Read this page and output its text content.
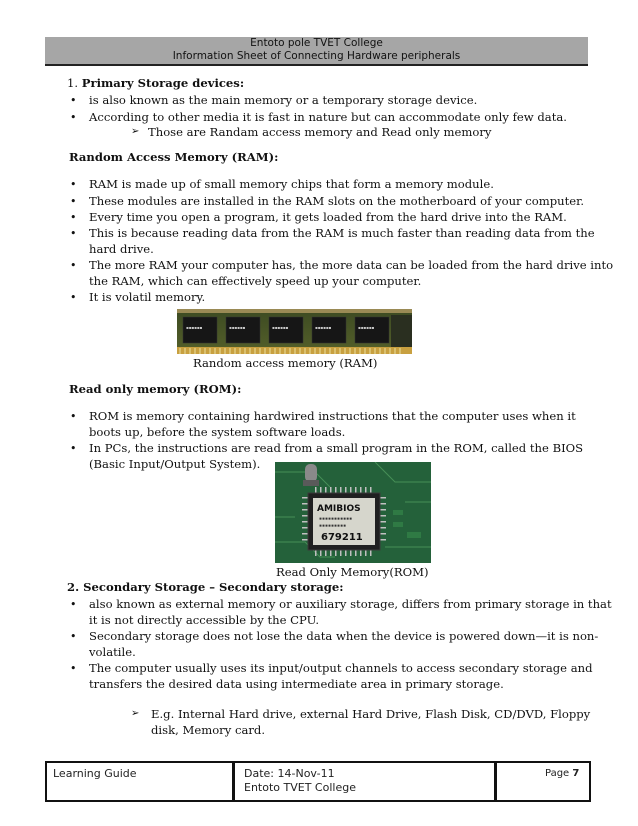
Entoto pole TVET College
Information Sheet of Connecting Hardware peripherals
1. Primary Storage devices:
• is also known as the main memory or a temporary storage device.
• According to other media it is fast in nature but can accommodate only few data.
➢ Those are Randam access memory and Read only memory
Random Access Memory (RAM):
• RAM is made up of small memory chips that form a memory module.
• These modules are installed in the RAM slots on the motherboard of your computer.
• Every time you open a program, it gets loaded from the hard drive into the RAM.
• This is because reading data from the RAM is much faster than reading data from the
hard drive.
• The more RAM your computer has, the more data can be loaded from the hard drive into
the RAM, which can effectively speed up your computer.
• It is volatil memory.
▪▪▪▪▪▪	▪▪▪▪▪▪	▪▪▪▪▪▪	▪▪▪▪▪▪	▪▪▪▪▪▪
Random access memory (RAM)
Read only memory (ROM):
• ROM is memory containing hardwired instructions that the computer uses when it
boots up, before the system software loads.
• In PCs, the instructions are read from a small program in the ROM, called the BIOS
(Basic Input/Output System).
AMIBIOS
▪▪▪▪▪▪▪▪▪▪▪
▪▪▪▪▪▪▪▪▪
679211
Read Only Memory(ROM)
2. Secondary Storage – Secondary storage:
• also known as external memory or auxiliary storage, differs from primary storage in that
it is not directly accessible by the CPU.
• Secondary storage does not lose the data when the device is powered down—it is non-
volatile.
• The computer usually uses its input/output channels to access secondary storage and
transfers the desired data using intermediate area in primary storage.
➢ E.g. Internal Hard drive, external Hard Drive, Flash Disk, CD/DVD, Floppy
disk, Memory card.
Learning Guide	Date: 14-Nov-11
Entoto TVET College
Page 7
